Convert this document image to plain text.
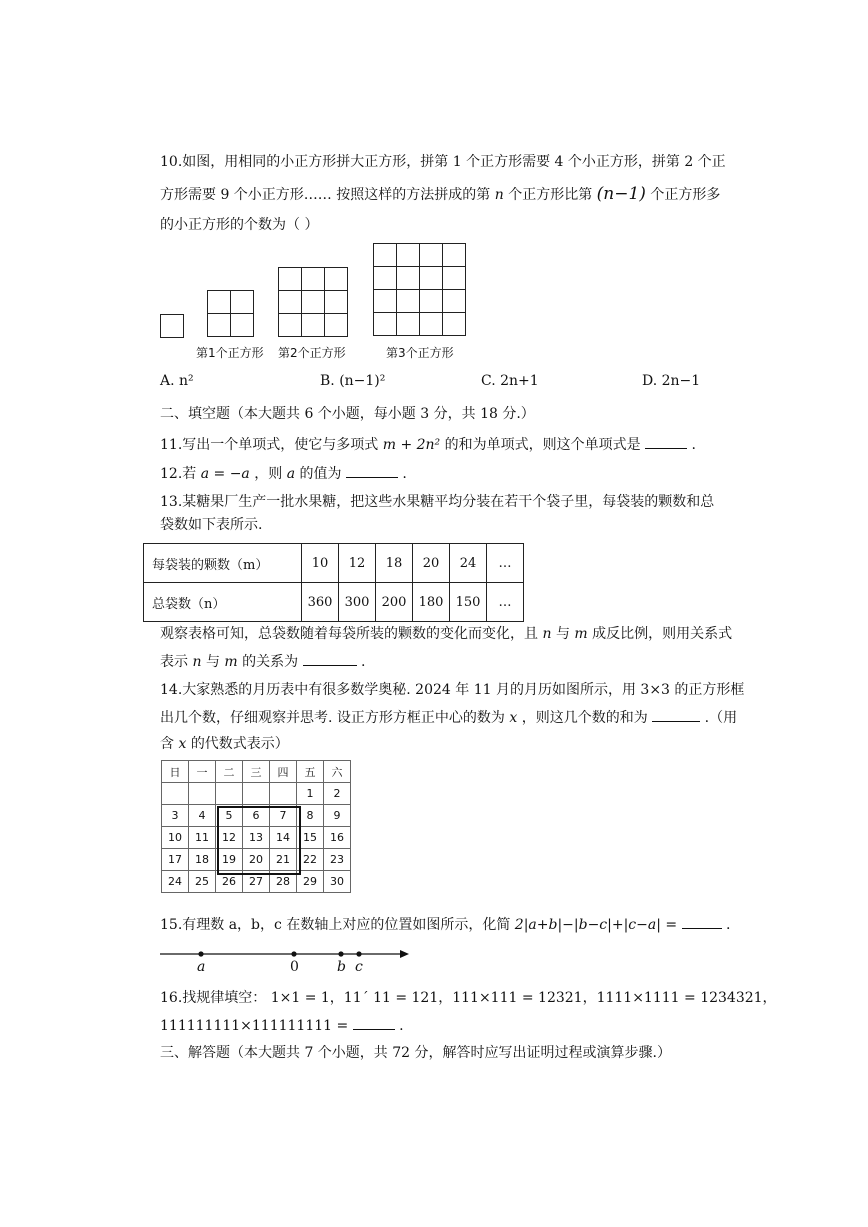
10.如图，用相同的小正方形拼大正方形，拼第 1 个正方形需要 4 个小正方形，拼第 2 个正
方形需要 9 个小正方形…… 按照这样的方法拼成的第 n 个正方形比第 (n−1) 个正方形多
的小正方形的个数为（ ）

第1个正方形 第2个正方形	第3个正方形
A. n²	B. (n−1)²	C. 2n+1	D. 2n−1
二、填空题（本大题共 6 个小题，每小题 3 分，共 18 分.）
11.写出一个单项式，使它与多项式 m + 2n² 的和为单项式，则这个单项式是	.
12.若 a = −a ，则 a 的值为	.
13.某糖果厂生产一批水果糖，把这些水果糖平均分装在若干个袋子里，每袋装的颗数和总
袋数如下表所示.
每袋装的颗数（m）	10	12	18	20	24	…
总袋数（n）	360	300	200	180	150	…
观察表格可知，总袋数随着每袋所装的颗数的变化而变化，且 n 与 m 成反比例，则用关系式
表示 n 与 m 的关系为	.
14.大家熟悉的月历表中有很多数学奥秘. 2024 年 11 月的月历如图所示，用 3×3 的正方形框
出几个数，仔细观察并思考. 设正方形方框正中心的数为 x ，则这几个数的和为	.（用
含 x 的代数式表示）
日	一	二	三	四	五	六
					1	2
3	4	5	6	7	8	9
10	11	12	13	14	15	16
17	18	19	20	21	22	23
24	25	26	27	28	29	30
15.有理数 a，b，c 在数轴上对应的位置如图所示，化简 2|a+b|−|b−c|+|c−a| =	.
a	0	b c
16.找规律填空： 1×1 = 1，11´ 11 = 121，111×111 = 12321，1111×1111 = 1234321，
111111111×111111111 =	.
三、解答题（本大题共 7 个小题，共 72 分，解答时应写出证明过程或演算步骤.）
